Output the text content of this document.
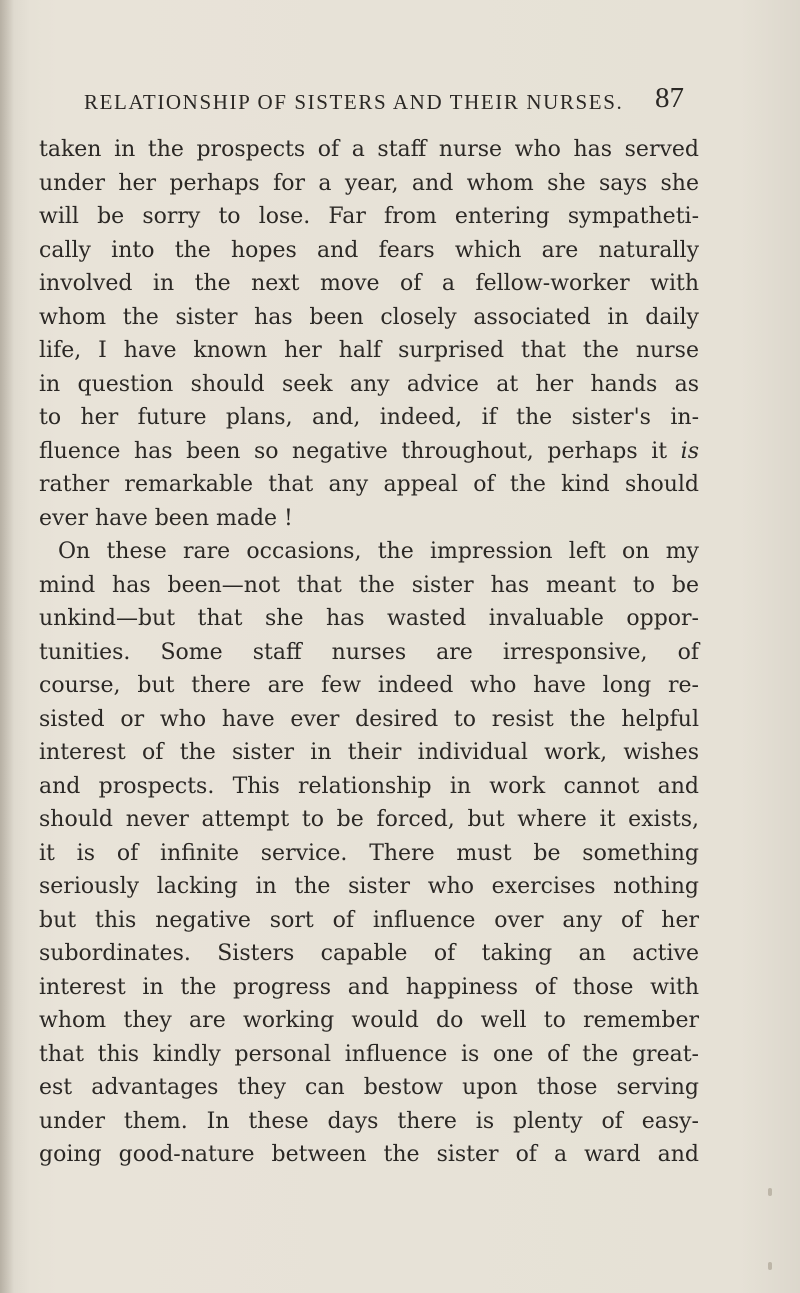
RELATIONSHIP OF SISTERS AND THEIR NURSES. 87
taken in the prospects of a staff nurse who has served
under her perhaps for a year, and whom she says she
will be sorry to lose. Far from entering sympatheti-
cally into the hopes and fears which are naturally
involved in the next move of a fellow-worker with
whom the sister has been closely associated in daily
life, I have known her half surprised that the nurse
in question should seek any advice at her hands as
to her future plans, and, indeed, if the sister's in-
fluence has been so negative throughout, perhaps it is
rather remarkable that any appeal of the kind should
ever have been made !
On these rare occasions, the impression left on my
mind has been—not that the sister has meant to be
unkind—but that she has wasted invaluable oppor-
tunities. Some staff nurses are irresponsive, of
course, but there are few indeed who have long re-
sisted or who have ever desired to resist the helpful
interest of the sister in their individual work, wishes
and prospects. This relationship in work cannot and
should never attempt to be forced, but where it exists,
it is of infinite service. There must be something
seriously lacking in the sister who exercises nothing
but this negative sort of influence over any of her
subordinates. Sisters capable of taking an active
interest in the progress and happiness of those with
whom they are working would do well to remember
that this kindly personal influence is one of the great-
est advantages they can bestow upon those serving
under them. In these days there is plenty of easy-
going good-nature between the sister of a ward and
